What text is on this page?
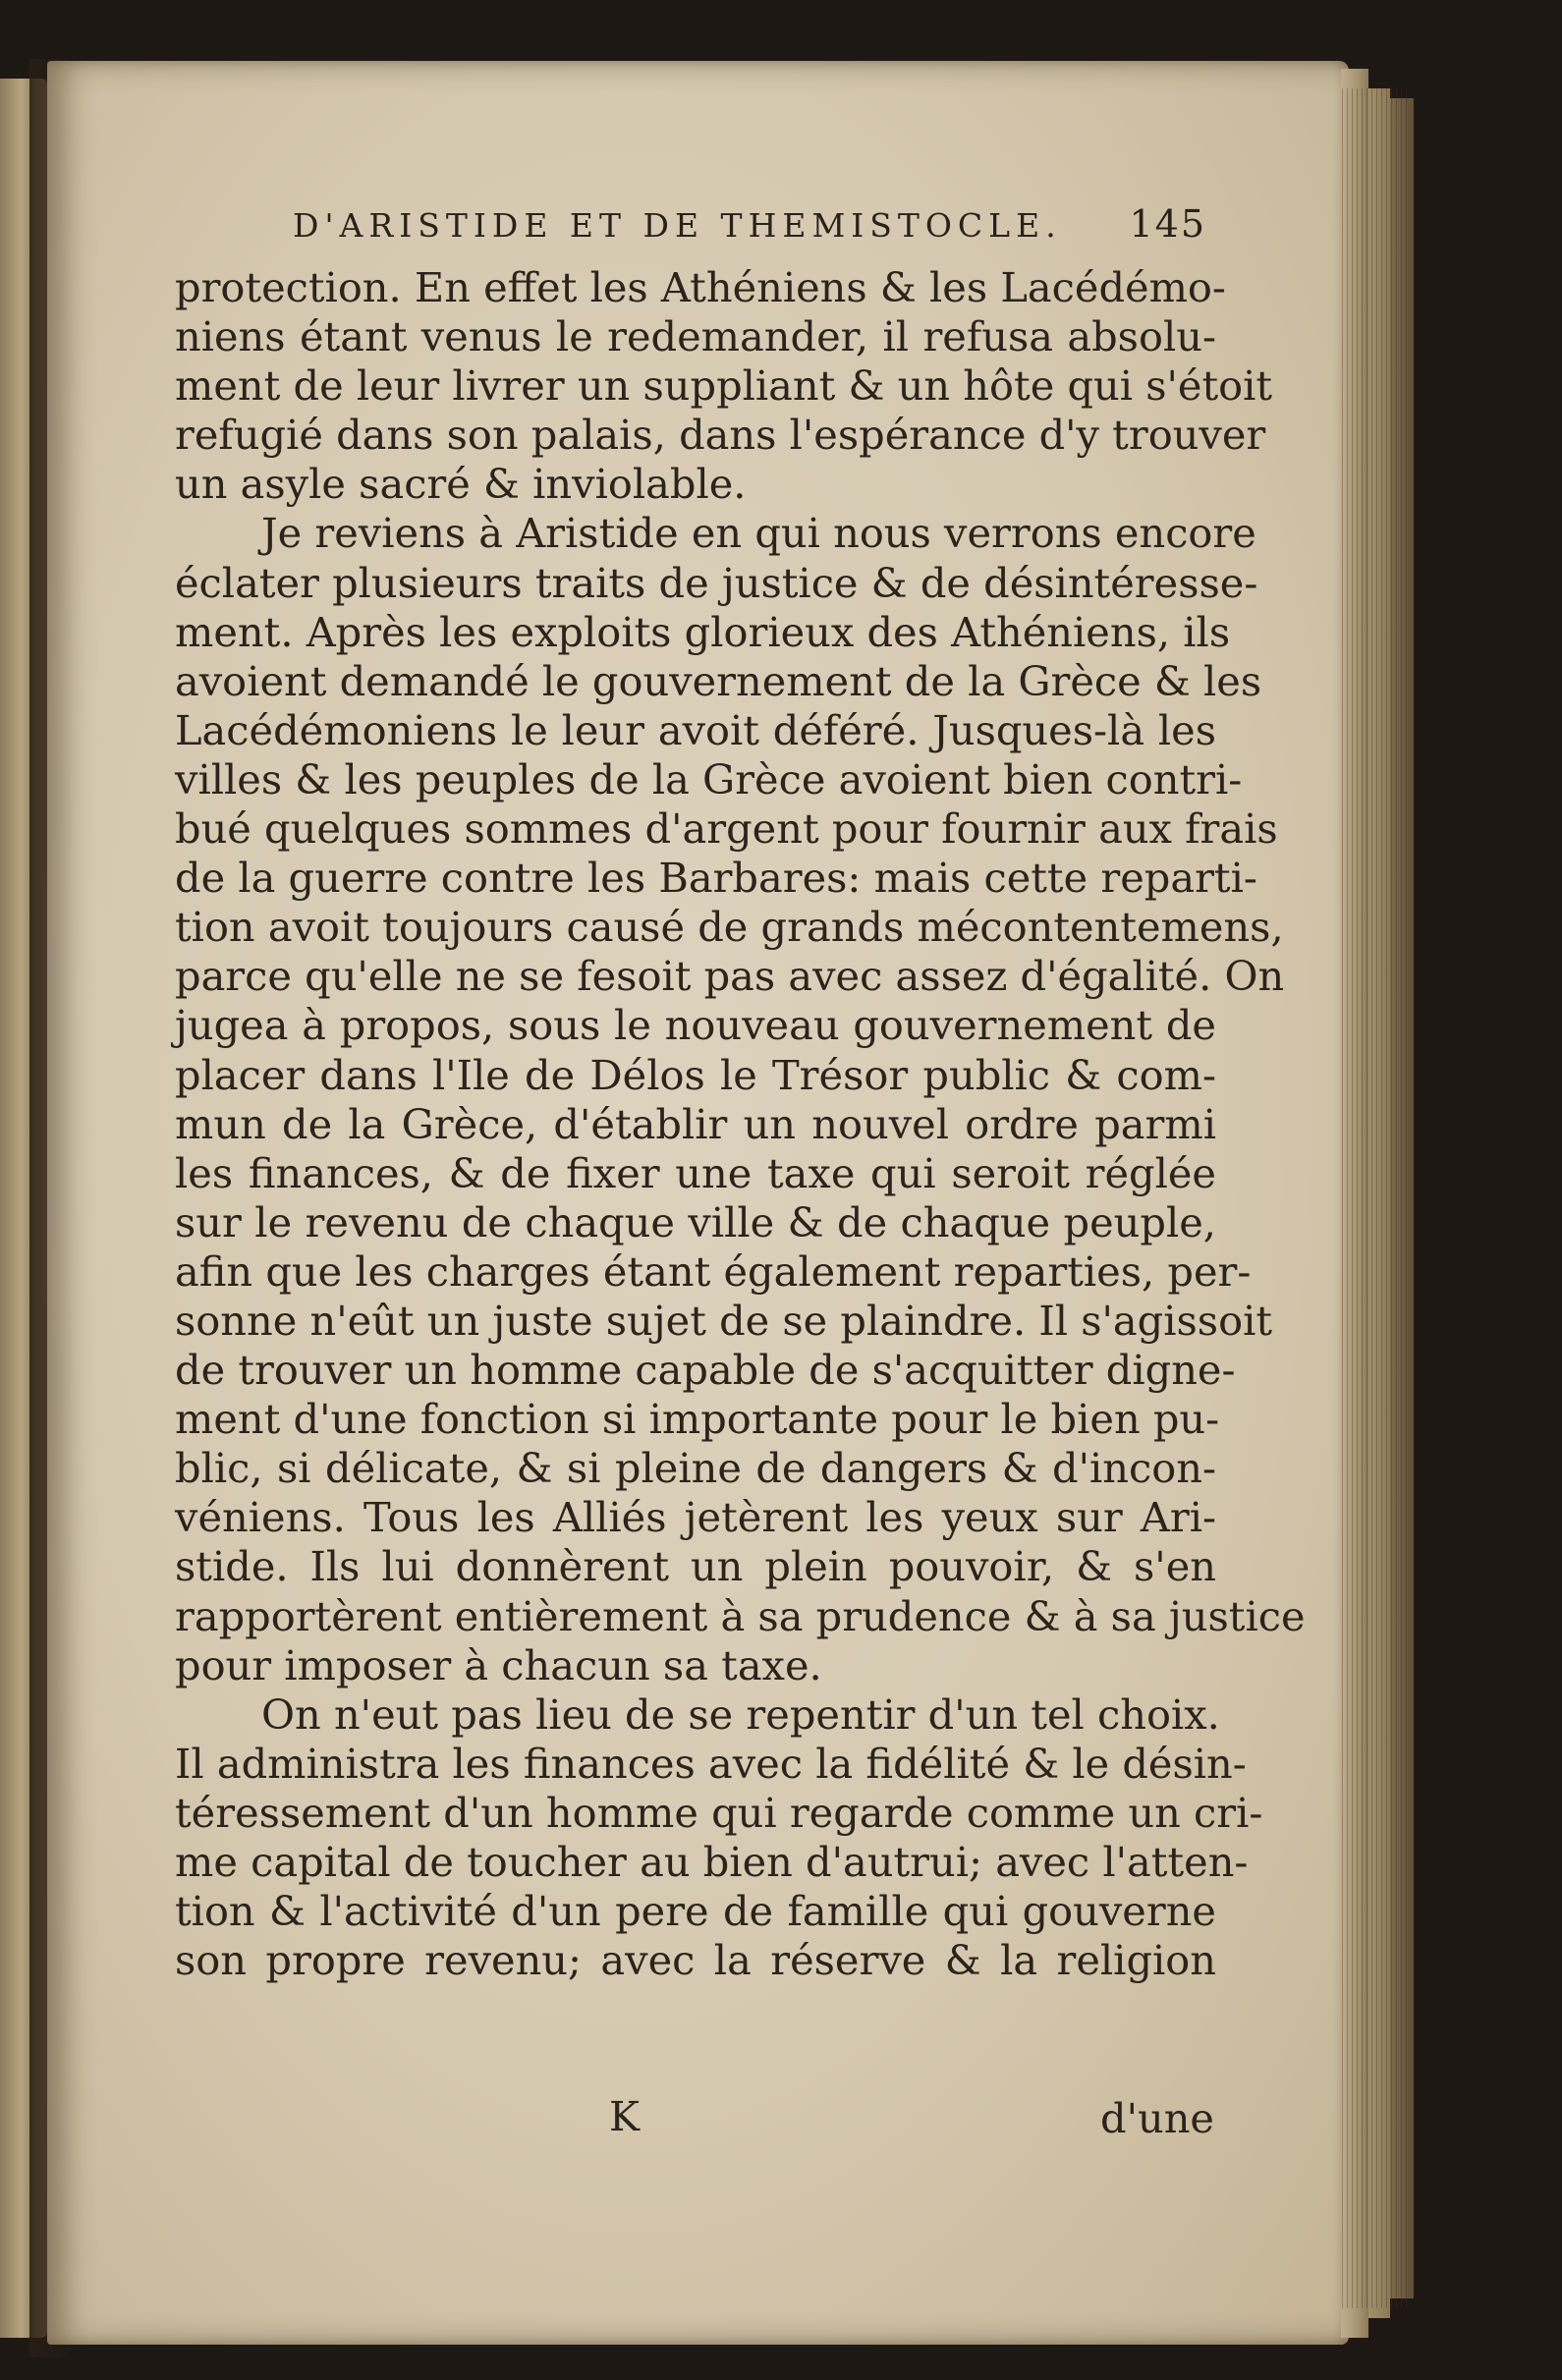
D'ARISTIDE ET DE THEMISTOCLE. 145
protection. En effet les Athéniens & les Lacédémo-
niens étant venus le redemander, il refusa absolu-
ment de leur livrer un suppliant & un hôte qui s'étoit
refugié dans son palais, dans l'espérance d'y trouver
un asyle sacré & inviolable.
Je reviens à Aristide en qui nous verrons encore
éclater plusieurs traits de justice & de désintéresse-
ment. Après les exploits glorieux des Athéniens, ils
avoient demandé le gouvernement de la Grèce & les
Lacédémoniens le leur avoit déféré. Jusques-là les
villes & les peuples de la Grèce avoient bien contri-
bué quelques sommes d'argent pour fournir aux frais
de la guerre contre les Barbares: mais cette reparti-
tion avoit toujours causé de grands mécontentemens,
parce qu'elle ne se fesoit pas avec assez d'égalité. On
jugea à propos, sous le nouveau gouvernement de
placer dans l'Ile de Délos le Trésor public & com-
mun de la Grèce, d'établir un nouvel ordre parmi
les finances, & de fixer une taxe qui seroit réglée
sur le revenu de chaque ville & de chaque peuple,
afin que les charges étant également reparties, per-
sonne n'eût un juste sujet de se plaindre. Il s'agissoit
de trouver un homme capable de s'acquitter digne-
ment d'une fonction si importante pour le bien pu-
blic, si délicate, & si pleine de dangers & d'incon-
véniens. Tous les Alliés jetèrent les yeux sur Ari-
stide. Ils lui donnèrent un plein pouvoir, & s'en
rapportèrent entièrement à sa prudence & à sa justice
pour imposer à chacun sa taxe.
On n'eut pas lieu de se repentir d'un tel choix.
Il administra les finances avec la fidélité & le désin-
téressement d'un homme qui regarde comme un cri-
me capital de toucher au bien d'autrui; avec l'atten-
tion & l'activité d'un pere de famille qui gouverne
son propre revenu; avec la réserve & la religion
K	d'une
